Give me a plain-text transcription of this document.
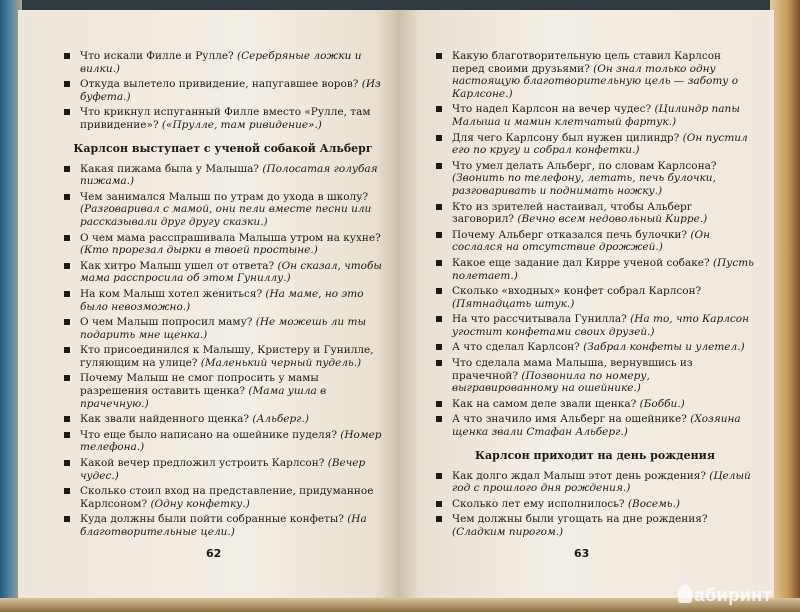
Что искали Филле и Рулле? (Серебряные ложки и вилки.)
Откуда вылетело привидение, напугавшее воров? (Из буфета.)
Что крикнул испуганный Филле вместо «Рулле, там привидение»? («Прулле, там ривидение».)
Карлсон выступает с ученой собакой Альберг
Какая пижама была у Малыша? (Полосатая голубая пижама.)
Чем занимался Малыш по утрам до ухода в школу? (Разговаривал с мамой, они пели вместе песни или рассказывали друг другу сказки.)
О чем мама расспрашивала Малыша утром на кухне? (Кто прорезал дырки в твоей простыне.)
Как хитро Малыш ушел от ответа? (Он сказал, чтобы мама расспросила об этом Гуниллу.)
На ком Малыш хотел жениться? (На маме, но это было невозможно.)
О чем Малыш попросил маму? (Не можешь ли ты подарить мне щенка.)
Кто присоединился к Малышу, Кристеру и Гунилле, гуляющим на улице? (Маленький черный пудель.)
Почему Малыш не смог попросить у мамы разрешения оставить щенка? (Мама ушла в прачечную.)
Как звали найденного щенка? (Альберг.)
Что еще было написано на ошейнике пуделя? (Номер телефона.)
Какой вечер предложил устроить Карлсон? (Вечер чудес.)
Сколько стоил вход на представление, придуманное Карлсоном? (Одну конфетку.)
Куда должны были пойти собранные конфеты? (На благотворительные цели.)
62
Какую благотворительную цель ставил Карлсон перед своими друзьями? (Он знал только одну настоящую благотворительную цель — заботу о Карлсоне.)
Что надел Карлсон на вечер чудес? (Цилиндр папы Малыша и мамин клетчатый фартук.)
Для чего Карлсону был нужен цилиндр? (Он пустил его по кругу и собрал конфетки.)
Что умел делать Альберг, по словам Карлсона? (Звонить по телефону, летать, печь булочки, разговаривать и поднимать ножку.)
Кто из зрителей настаивал, чтобы Альберг заговорил? (Вечно всем недовольный Кирре.)
Почему Альберг отказался печь булочки? (Он сослался на отсутствие дрожжей.)
Какое еще задание дал Кирре ученой собаке? (Пусть полетает.)
Сколько «входных» конфет собрал Карлсон? (Пятнадцать штук.)
На что рассчитывала Гунилла? (На то, что Карлсон угостит конфетами своих друзей.)
А что сделал Карлсон? (Забрал конфеты и улетел.)
Что сделала мама Малыша, вернувшись из прачечной? (Позвонила по номеру, выгравированному на ошейнике.)
Как на самом деле звали щенка? (Бобби.)
А что значило имя Альберг на ошейнике? (Хозяина щенка звали Стафан Альберг.)
Карлсон приходит на день рождения
Как долго ждал Малыш этот день рождения? (Целый год с прошлого дня рождения.)
Сколько лет ему исполнилось? (Восемь.)
Чем должны были угощать на дне рождения? (Сладким пирогом.)
63
абиринт
